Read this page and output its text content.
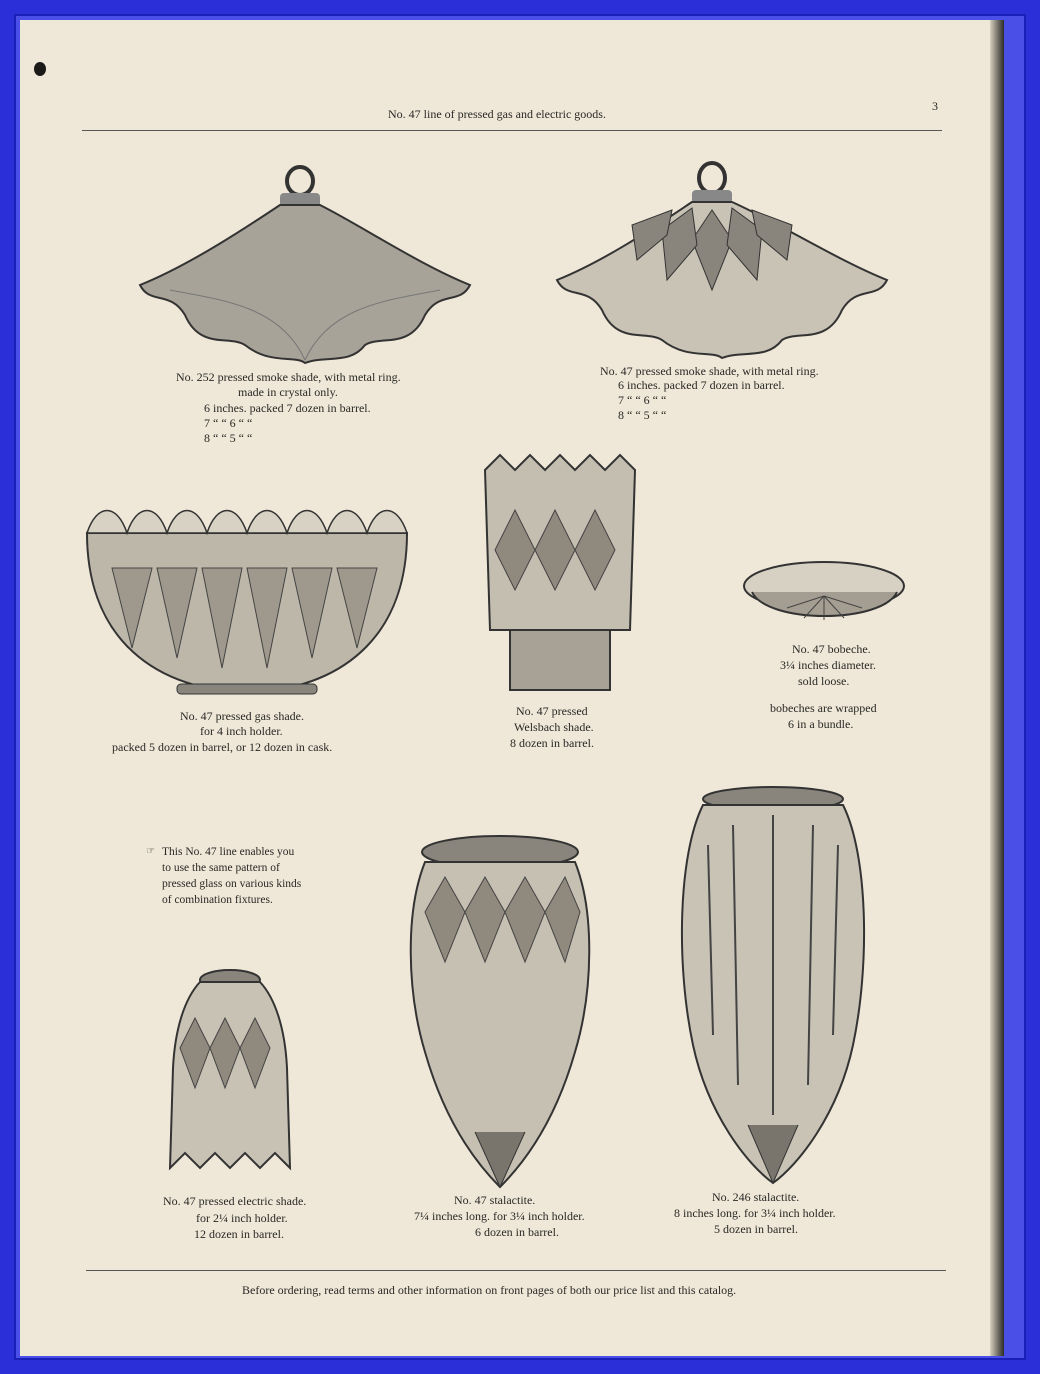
No. 47 line of pressed gas and electric goods.
3
No. 252 pressed smoke shade, with metal ring.
made in crystal only.
6 inches. packed 7 dozen in barrel.
7 “ “ 6 “ “
8 “ “ 5 “ “
No. 47 pressed smoke shade, with metal ring.
6 inches. packed 7 dozen in barrel.
7 “ “ 6 “ “
8 “ “ 5 “ “
No. 47 pressed gas shade.
for 4 inch holder.
packed 5 dozen in barrel, or 12 dozen in cask.
No. 47 pressed
Welsbach shade.
8 dozen in barrel.
No. 47 bobeche.
3¼ inches diameter.
sold loose.
bobeches are wrapped
6 in a bundle.
☞ This No. 47 line enables you
to use the same pattern of
pressed glass on various kinds
of combination fixtures.
No. 47 pressed electric shade.
for 2¼ inch holder.
12 dozen in barrel.
No. 47 stalactite.
7¼ inches long. for 3¼ inch holder.
6 dozen in barrel.
No. 246 stalactite.
8 inches long. for 3¼ inch holder.
5 dozen in barrel.
Before ordering, read terms and other information on front pages of both our price list and this catalog.
